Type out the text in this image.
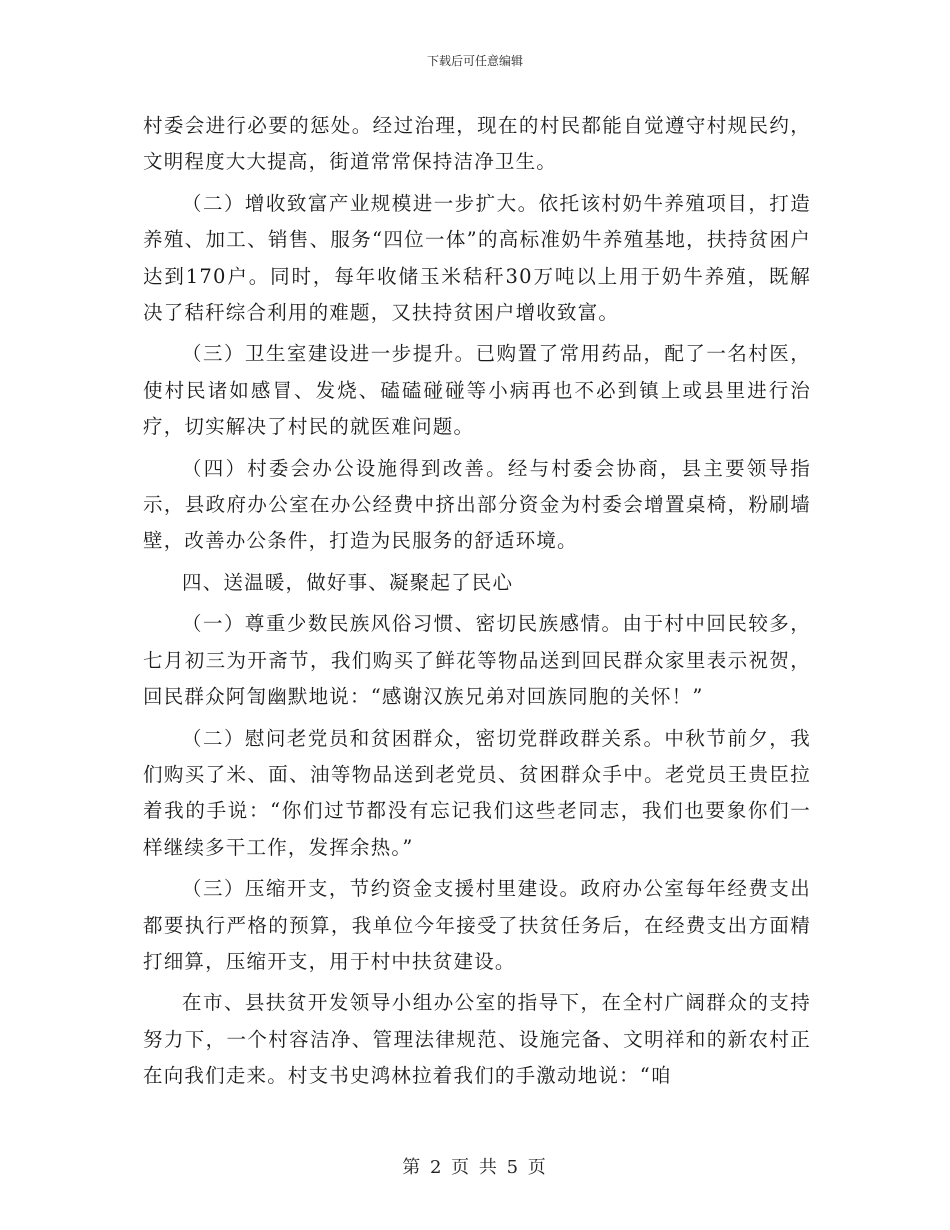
下载后可任意编辑

村委会进行必要的惩处。经过治理，现在的村民都能自觉遵守村规民约，文明程度大大提高，街道常常保持洁净卫生。

（二）增收致富产业规模进一步扩大。依托该村奶牛养殖项目，打造养殖、加工、销售、服务“四位一体”的高标准奶牛养殖基地，扶持贫困户达到170户。同时，每年收储玉米秸秆30万吨以上用于奶牛养殖，既解决了秸秆综合利用的难题，又扶持贫困户增收致富。

（三）卫生室建设进一步提升。已购置了常用药品，配了一名村医，使村民诸如感冒、发烧、磕磕碰碰等小病再也不必到镇上或县里进行治疗，切实解决了村民的就医难问题。

（四）村委会办公设施得到改善。经与村委会协商，县主要领导指示，县政府办公室在办公经费中挤出部分资金为村委会增置桌椅，粉刷墙壁，改善办公条件，打造为民服务的舒适环境。

四、送温暖，做好事、凝聚起了民心

（一）尊重少数民族风俗习惯、密切民族感情。由于村中回民较多，七月初三为开斋节，我们购买了鲜花等物品送到回民群众家里表示祝贺，回民群众阿訇幽默地说：“感谢汉族兄弟对回族同胞的关怀！”

（二）慰问老党员和贫困群众，密切党群政群关系。中秋节前夕，我们购买了米、面、油等物品送到老党员、贫困群众手中。老党员王贵臣拉着我的手说：“你们过节都没有忘记我们这些老同志，我们也要象你们一样继续多干工作，发挥余热。”

（三）压缩开支，节约资金支援村里建设。政府办公室每年经费支出都要执行严格的预算，我单位今年接受了扶贫任务后，在经费支出方面精打细算，压缩开支，用于村中扶贫建设。

在市、县扶贫开发领导小组办公室的指导下，在全村广阔群众的支持努力下，一个村容洁净、管理法律规范、设施完备、文明祥和的新农村正在向我们走来。村支书史鸿林拉着我们的手激动地说：“咱

第 2 页 共 5 页
